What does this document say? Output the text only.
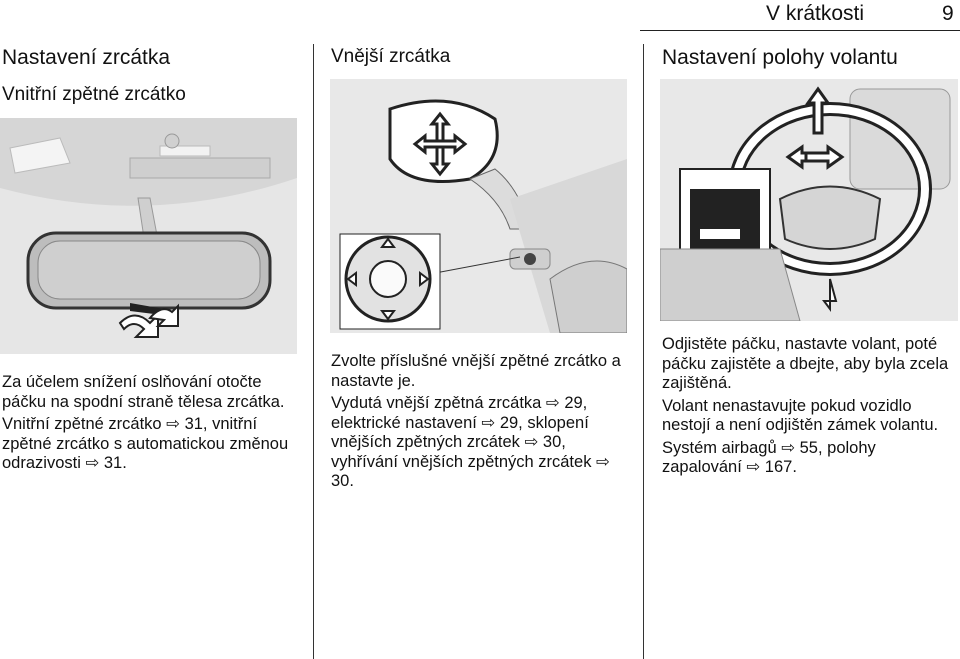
V krátkosti	9
Nastavení zrcátka
Vnitřní zpětné zrcátko

Za účelem snížení oslňování otočte páčku na spodní straně tělesa zrcátka.

Vnitřní zpětné zrcátko ⇨ 31, vnitřní zpětné zrcátko s automatickou změnou odrazivosti ⇨ 31.

Vnější zrcátka

Zvolte příslušné vnější zpětné zrcátko a nastavte je.

Vydutá vnější zpětná zrcátka ⇨ 29, elektrické nastavení ⇨ 29, sklopení vnějších zpětných zrcátek ⇨ 30, vyhřívání vnějších zpětných zrcátek ⇨ 30.

Nastavení polohy volantu

Odjistěte páčku, nastavte volant, poté páčku zajistěte a dbejte, aby byla zcela zajištěná.

Volant nenastavujte pokud vozidlo nestojí a není odjištěn zámek volantu.

Systém airbagů ⇨ 55, polohy zapalování ⇨ 167.
